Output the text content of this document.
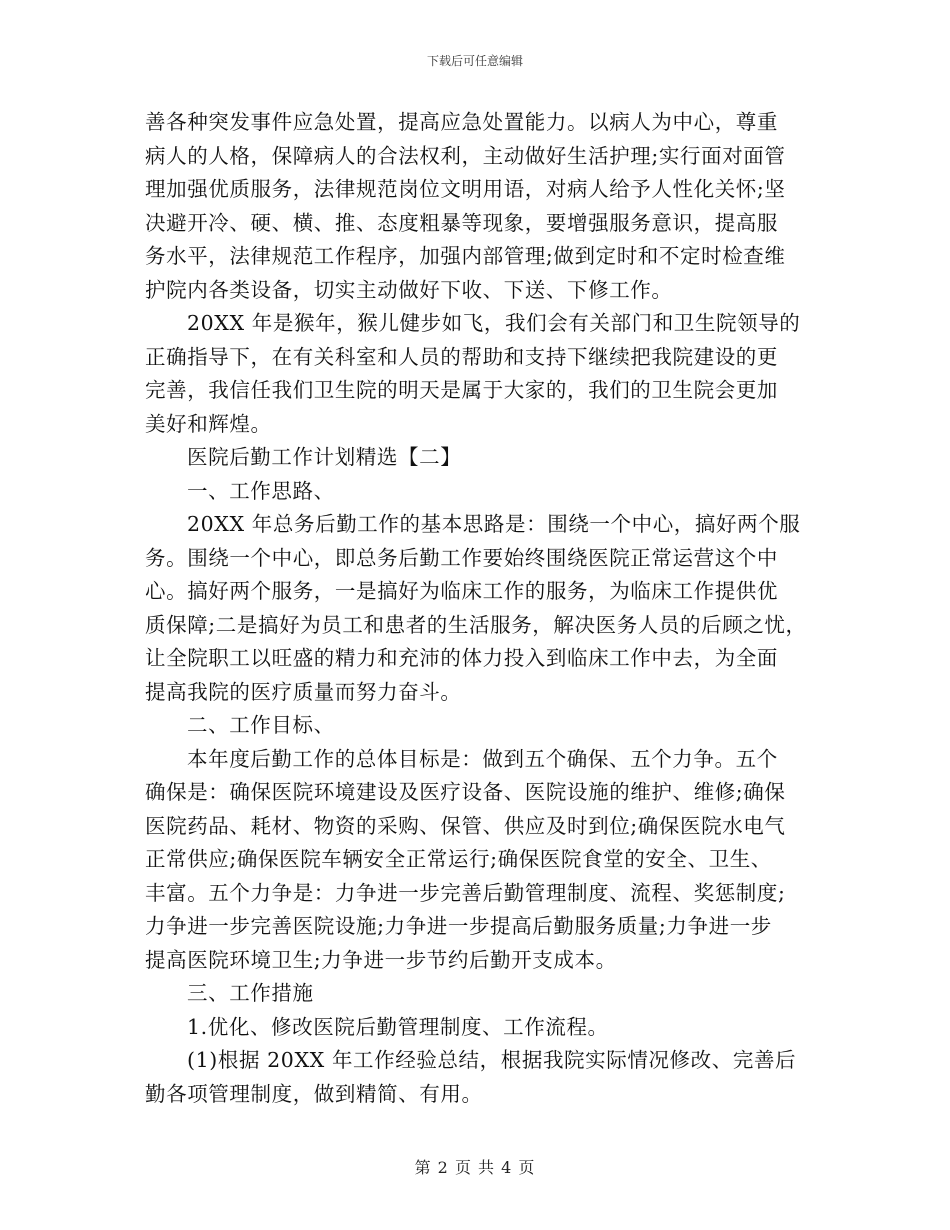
下载后可任意编辑
善各种突发事件应急处置，提高应急处置能力。以病人为中心，尊重
病人的人格，保障病人的合法权利，主动做好生活护理;实行面对面管
理加强优质服务，法律规范岗位文明用语，对病人给予人性化关怀;坚
决避开冷、硬、横、推、态度粗暴等现象，要增强服务意识，提高服
务水平，法律规范工作程序，加强内部管理;做到定时和不定时检查维
护院内各类设备，切实主动做好下收、下送、下修工作。
20XX 年是猴年，猴儿健步如飞，我们会有关部门和卫生院领导的
正确指导下，在有关科室和人员的帮助和支持下继续把我院建设的更
完善，我信任我们卫生院的明天是属于大家的，我们的卫生院会更加
美好和辉煌。
医院后勤工作计划精选【二】
一、工作思路、
20XX 年总务后勤工作的基本思路是：围绕一个中心，搞好两个服
务。围绕一个中心，即总务后勤工作要始终围绕医院正常运营这个中
心。搞好两个服务，一是搞好为临床工作的服务，为临床工作提供优
质保障;二是搞好为员工和患者的生活服务，解决医务人员的后顾之忧，
让全院职工以旺盛的精力和充沛的体力投入到临床工作中去，为全面
提高我院的医疗质量而努力奋斗。
二、工作目标、
本年度后勤工作的总体目标是：做到五个确保、五个力争。五个
确保是：确保医院环境建设及医疗设备、医院设施的维护、维修;确保
医院药品、耗材、物资的采购、保管、供应及时到位;确保医院水电气
正常供应;确保医院车辆安全正常运行;确保医院食堂的安全、卫生、
丰富。五个力争是：力争进一步完善后勤管理制度、流程、奖惩制度;
力争进一步完善医院设施;力争进一步提高后勤服务质量;力争进一步
提高医院环境卫生;力争进一步节约后勤开支成本。
三、工作措施
1.优化、修改医院后勤管理制度、工作流程。
(1)根据 20XX 年工作经验总结，根据我院实际情况修改、完善后
勤各项管理制度，做到精简、有用。
第 2 页 共 4 页
